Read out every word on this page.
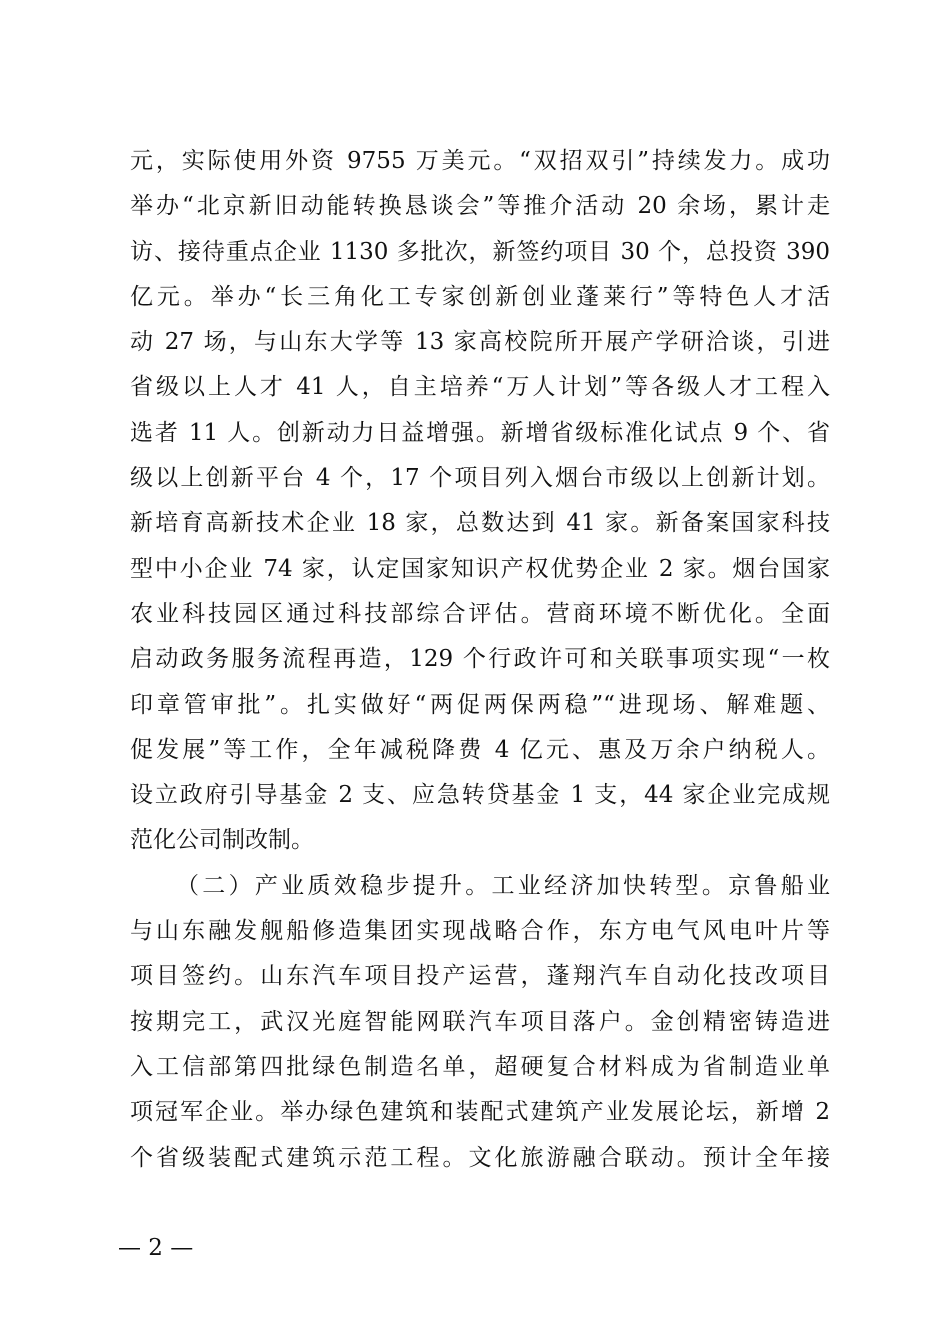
元，实际使用外资 9755 万美元。“双招双引”持续发力。成功
举办“北京新旧动能转换恳谈会”等推介活动 20 余场，累计走
访、接待重点企业 1130 多批次，新签约项目 30 个，总投资 390
亿元。举办“长三角化工专家创新创业蓬莱行”等特色人才活
动 27 场，与山东大学等 13 家高校院所开展产学研洽谈，引进
省级以上人才 41 人，自主培养“万人计划”等各级人才工程入
选者 11 人。创新动力日益增强。新增省级标准化试点 9 个、省
级以上创新平台 4 个，17 个项目列入烟台市级以上创新计划。
新培育高新技术企业 18 家，总数达到 41 家。新备案国家科技
型中小企业 74 家，认定国家知识产权优势企业 2 家。烟台国家
农业科技园区通过科技部综合评估。营商环境不断优化。全面
启动政务服务流程再造，129 个行政许可和关联事项实现“一枚
印章管审批”。扎实做好“两促两保两稳”“进现场、解难题、
促发展”等工作，全年减税降费 4 亿元、惠及万余户纳税人。
设立政府引导基金 2 支、应急转贷基金 1 支，44 家企业完成规
范化公司制改制。
（二）产业质效稳步提升。工业经济加快转型。京鲁船业
与山东融发舰船修造集团实现战略合作，东方电气风电叶片等
项目签约。山东汽车项目投产运营，蓬翔汽车自动化技改项目
按期完工，武汉光庭智能网联汽车项目落户。金创精密铸造进
入工信部第四批绿色制造名单，超硬复合材料成为省制造业单
项冠军企业。举办绿色建筑和装配式建筑产业发展论坛，新增 2
个省级装配式建筑示范工程。文化旅游融合联动。预计全年接
— 2 —
